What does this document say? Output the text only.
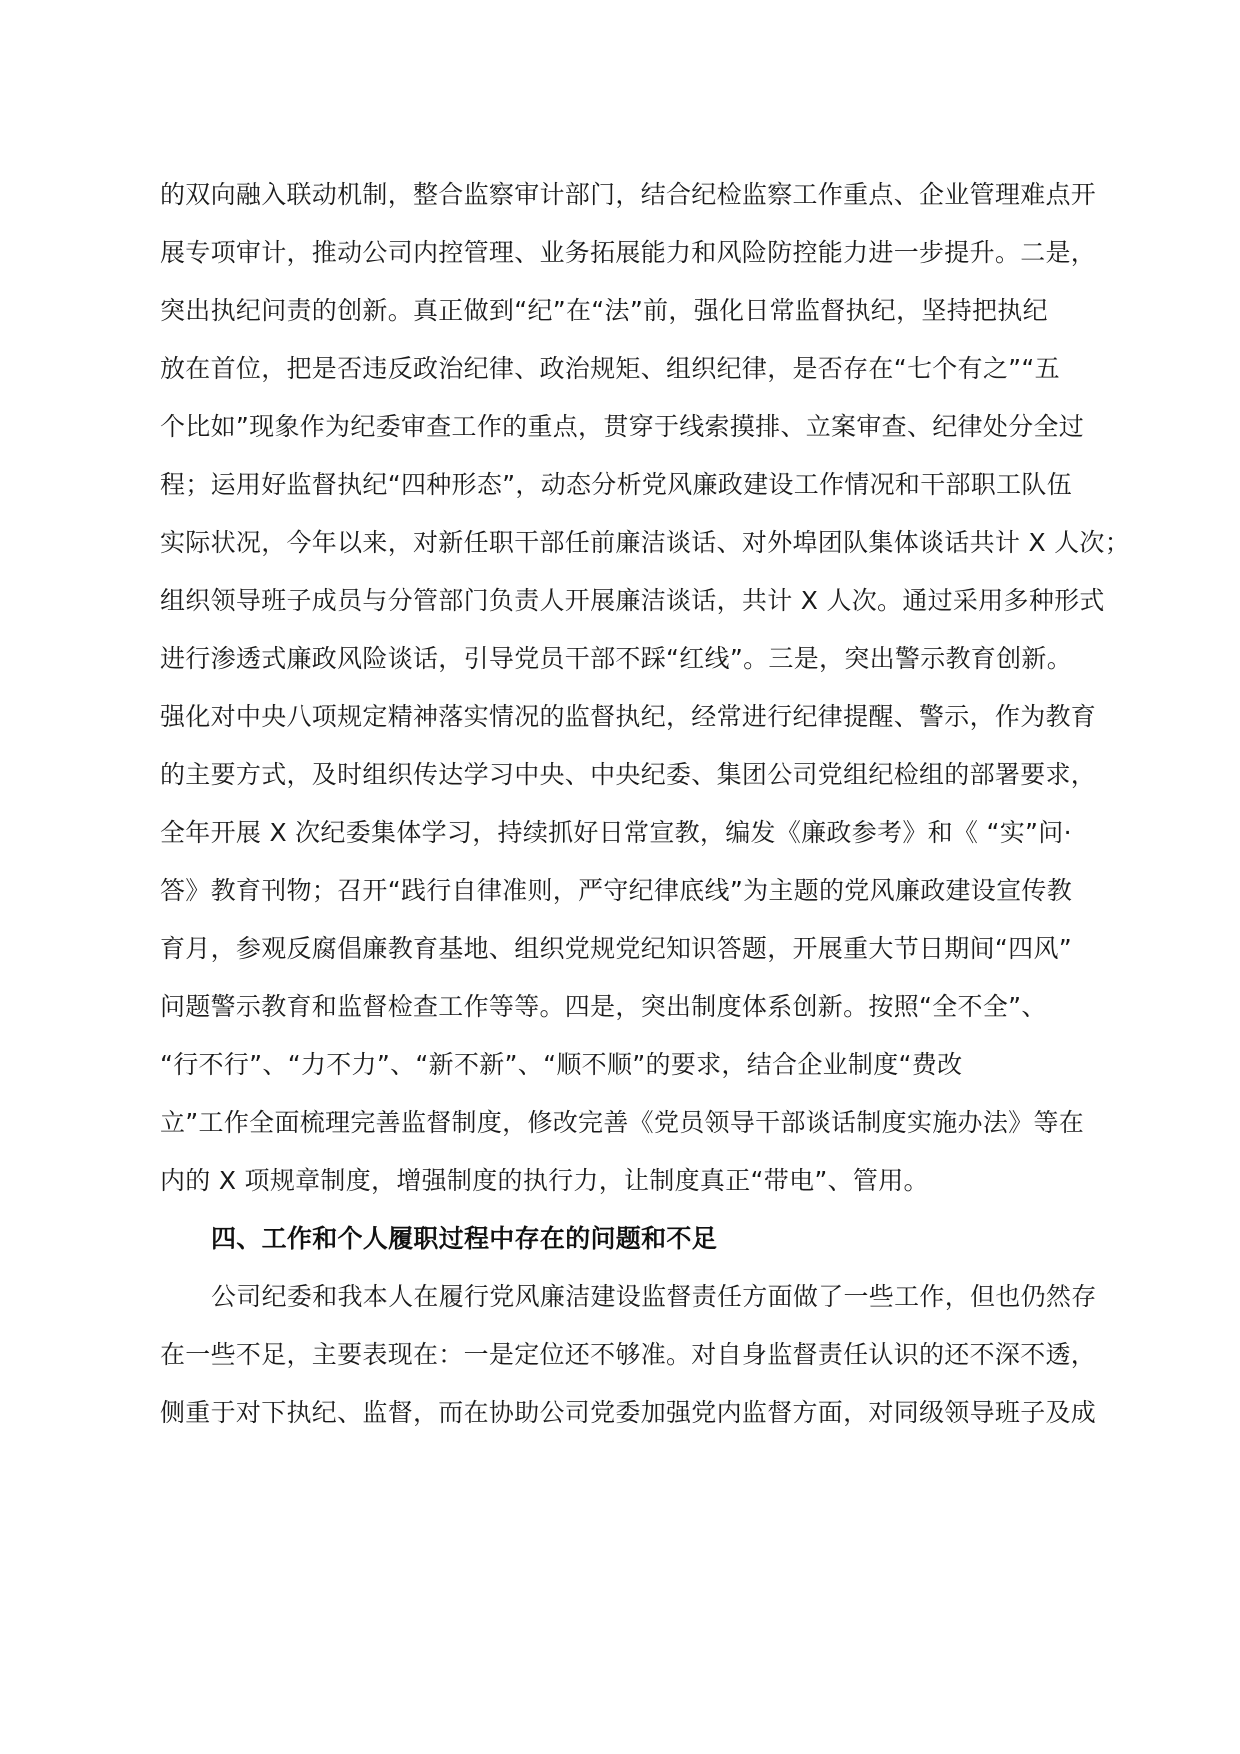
的双向融入联动机制，整合监察审计部门，结合纪检监察工作重点、企业管理难点开
展专项审计，推动公司内控管理、业务拓展能力和风险防控能力进一步提升。二是，
突出执纪问责的创新。真正做到“纪”在“法”前，强化日常监督执纪，坚持把执纪
放在首位，把是否违反政治纪律、政治规矩、组织纪律，是否存在“七个有之”“五
个比如”现象作为纪委审查工作的重点，贯穿于线索摸排、立案审查、纪律处分全过
程；运用好监督执纪“四种形态”，动态分析党风廉政建设工作情况和干部职工队伍
实际状况，今年以来，对新任职干部任前廉洁谈话、对外埠团队集体谈话共计 X 人次；
组织领导班子成员与分管部门负责人开展廉洁谈话，共计 X 人次。通过采用多种形式
进行渗透式廉政风险谈话，引导党员干部不踩“红线”。三是，突出警示教育创新。
强化对中央八项规定精神落实情况的监督执纪，经常进行纪律提醒、警示，作为教育
的主要方式，及时组织传达学习中央、中央纪委、集团公司党组纪检组的部署要求，
全年开展 X 次纪委集体学习，持续抓好日常宣教，编发《廉政参考》和《 “实”问·
答》教育刊物；召开“践行自律准则，严守纪律底线”为主题的党风廉政建设宣传教
育月，参观反腐倡廉教育基地、组织党规党纪知识答题，开展重大节日期间“四风”
问题警示教育和监督检查工作等等。四是，突出制度体系创新。按照“全不全”、
“行不行”、“力不力”、“新不新”、“顺不顺”的要求，结合企业制度“费改
立”工作全面梳理完善监督制度，修改完善《党员领导干部谈话制度实施办法》等在
内的 X 项规章制度，增强制度的执行力，让制度真正“带电”、管用。
四、工作和个人履职过程中存在的问题和不足
公司纪委和我本人在履行党风廉洁建设监督责任方面做了一些工作，但也仍然存
在一些不足，主要表现在：一是定位还不够准。对自身监督责任认识的还不深不透，
侧重于对下执纪、监督，而在协助公司党委加强党内监督方面，对同级领导班子及成
